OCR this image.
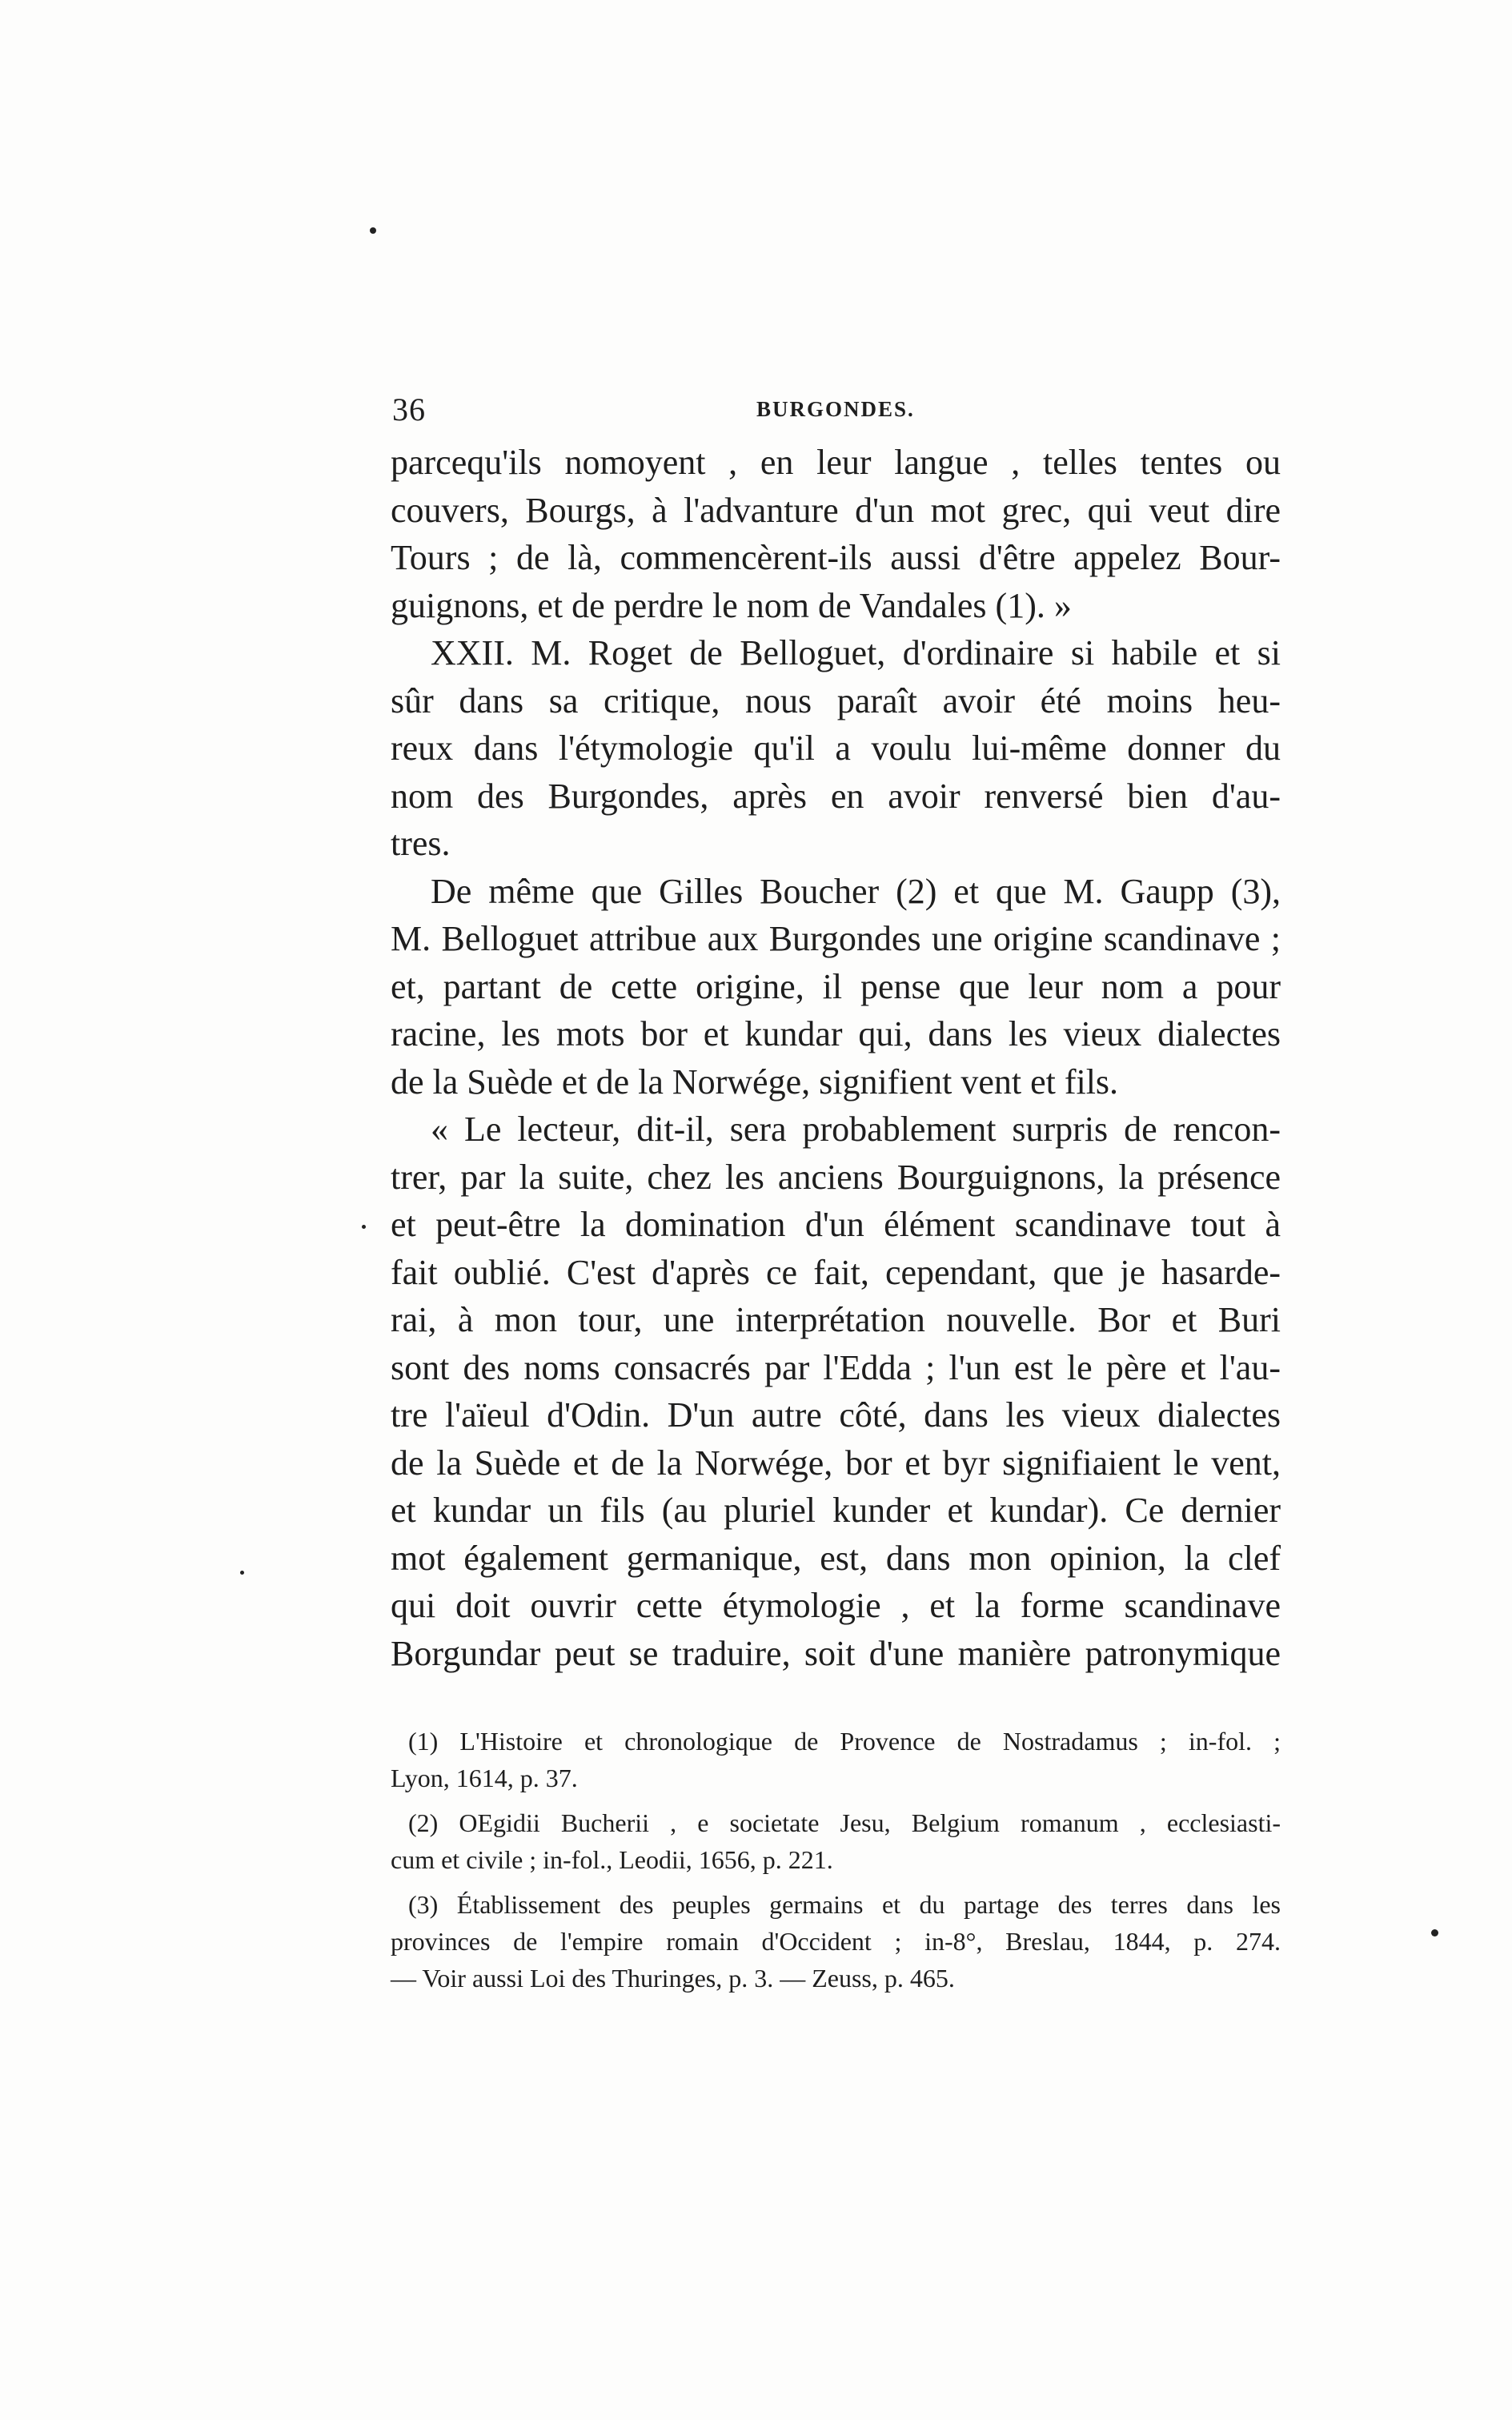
36	BURGONDES.
parcequ'ils nomoyent , en leur langue , telles tentes ou
couvers, Bourgs, à l'advanture d'un mot grec, qui veut dire
Tours ; de là, commencèrent-ils aussi d'être appelez Bour-
guignons, et de perdre le nom de Vandales (1). »
XXII. M. Roget de Belloguet, d'ordinaire si habile et si
sûr dans sa critique, nous paraît avoir été moins heu-
reux dans l'étymologie qu'il a voulu lui-même donner du
nom des Burgondes, après en avoir renversé bien d'au-
tres.
De même que Gilles Boucher (2) et que M. Gaupp (3),
M. Belloguet attribue aux Burgondes une origine scandinave ;
et, partant de cette origine, il pense que leur nom a pour
racine, les mots bor et kundar qui, dans les vieux dialectes
de la Suède et de la Norwége, signifient vent et fils.
« Le lecteur, dit-il, sera probablement surpris de rencon-
trer, par la suite, chez les anciens Bourguignons, la présence
et peut-être la domination d'un élément scandinave tout à
fait oublié. C'est d'après ce fait, cependant, que je hasarde-
rai, à mon tour, une interprétation nouvelle. Bor et Buri
sont des noms consacrés par l'Edda ; l'un est le père et l'au-
tre l'aïeul d'Odin. D'un autre côté, dans les vieux dialectes
de la Suède et de la Norwége, bor et byr signifiaient le vent,
et kundar un fils (au pluriel kunder et kundar). Ce dernier
mot également germanique, est, dans mon opinion, la clef
qui doit ouvrir cette étymologie , et la forme scandinave
Borgundar peut se traduire, soit d'une manière patronymique
(1) L'Histoire et chronologique de Provence de Nostradamus ; in-fol. ;
Lyon, 1614, p. 37.
(2) OEgidii Bucherii , e societate Jesu, Belgium romanum , ecclesiasti-
cum et civile ; in-fol., Leodii, 1656, p. 221.
(3) Établissement des peuples germains et du partage des terres dans les
provinces de l'empire romain d'Occident ; in-8°, Breslau, 1844, p. 274.
— Voir aussi Loi des Thuringes, p. 3. — Zeuss, p. 465.
